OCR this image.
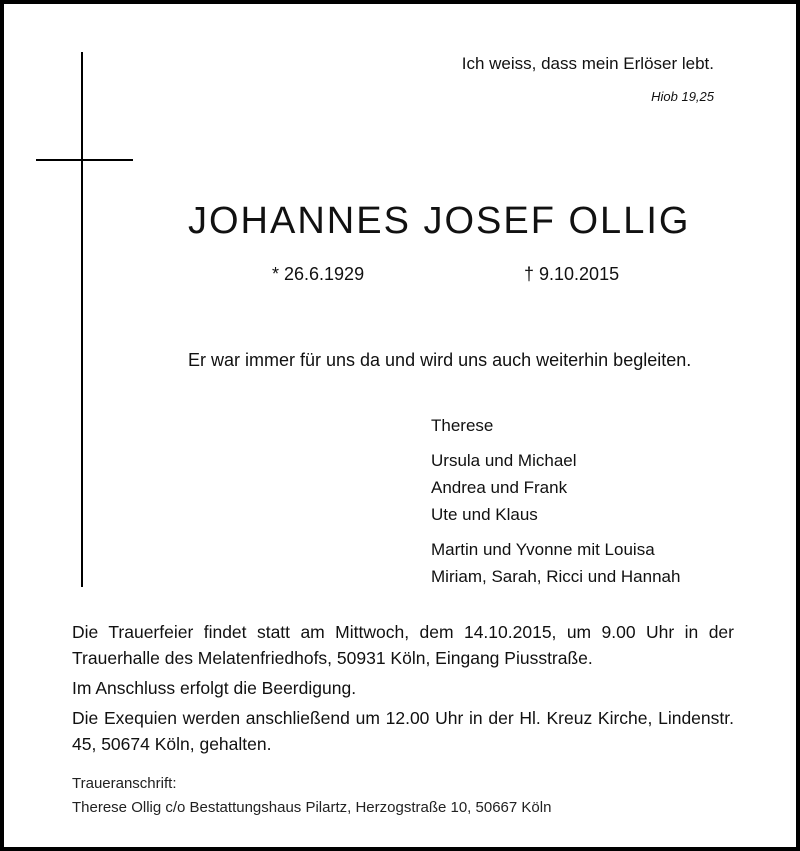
Ich weiss, dass mein Erlöser lebt.
Hiob 19,25
JOHANNES JOSEF OLLIG
* 26.6.1929	† 9.10.2015
Er war immer für uns da und wird uns auch weiterhin begleiten.
Therese
Ursula und Michael
Andrea und Frank
Ute und Klaus
Martin und Yvonne mit Louisa
Miriam, Sarah, Ricci und Hannah

Die Trauerfeier findet statt am Mittwoch, dem 14.10.2015, um 9.00 Uhr in der Trauerhalle des Melatenfriedhofs, 50931 Köln, Eingang Piusstraße.

Im Anschluss erfolgt die Beerdigung.

Die Exequien werden anschließend um 12.00 Uhr in der Hl. Kreuz Kirche, Lindenstr. 45, 50674 Köln, gehalten.

Traueranschrift:
Therese Ollig c/o Bestattungshaus Pilartz, Herzogstraße 10, 50667 Köln
